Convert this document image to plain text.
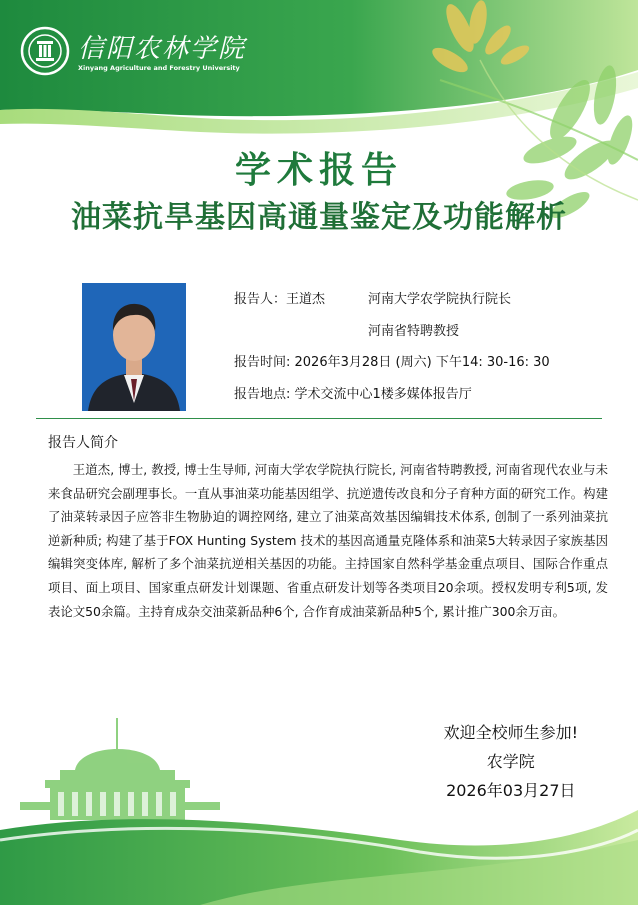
信阳农林学院
Xinyang Agriculture and Forestry University
学术报告
油菜抗旱基因高通量鉴定及功能解析
报告人：王道杰	河南大学农学院执行院长
河南省特聘教授
报告时间: 2026年3月28日 (周六) 下午14: 30-16: 30
报告地点: 学术交流中心1楼多媒体报告厅
报告人简介
王道杰, 博士, 教授, 博士生导师, 河南大学农学院执行院长, 河南省特聘教授, 河南省现代农业与未来食品研究会副理事长。一直从事油菜功能基因组学、抗逆遗传改良和分子育种方面的研究工作。构建了油菜转录因子应答非生物胁迫的调控网络, 建立了油菜高效基因编辑技术体系, 创制了一系列油菜抗逆新种质; 构建了基于FOX Hunting System 技术的基因高通量克隆体系和油菜5大转录因子家族基因编辑突变体库, 解析了多个油菜抗逆相关基因的功能。主持国家自然科学基金重点项目、国际合作重点项目、面上项目、国家重点研发计划课题、省重点研发计划等各类项目20余项。授权发明专利5项, 发表论文50余篇。主持育成杂交油菜新品种6个, 合作育成油菜新品种5个, 累计推广300余万亩。
欢迎全校师生参加!
农学院
2026年03月27日
